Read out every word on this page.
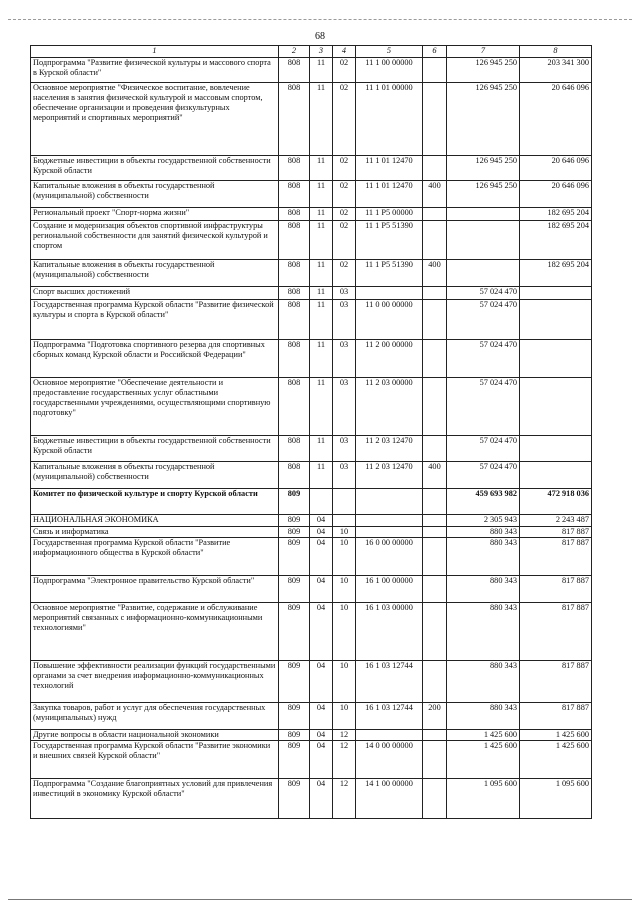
68
1	2	3	4	5	6	7	8
Подпрограмма "Развитие физической культуры и массового спорта в Курской области"	808	11	02	11 1 00 00000		126 945 250	203 341 300
Основное мероприятие "Физическое воспитание, вовлечение населения в занятия физической культурой и массовым спортом, обеспечение организации и проведения физкультурных мероприятий и спортивных мероприятий"	808	11	02	11 1 01 00000		126 945 250	20 646 096
Бюджетные инвестиции в объекты государственной собственности Курской области	808	11	02	11 1 01 12470		126 945 250	20 646 096
Капитальные вложения в объекты государственной (муниципальной) собственности	808	11	02	11 1 01 12470	400	126 945 250	20 646 096
Региональный проект "Спорт-норма жизни"	808	11	02	11 1 P5 00000			182 695 204
Создание и модернизация объектов спортивной инфраструктуры региональной собственности для занятий физической культурой и спортом	808	11	02	11 1 P5 51390			182 695 204
Капитальные вложения в объекты государственной (муниципальной) собственности	808	11	02	11 1 P5 51390	400		182 695 204
Спорт высших достижений	808	11	03			57 024 470	
Государственная программа Курской области "Развитие физической культуры и спорта в Курской области"	808	11	03	11 0 00 00000		57 024 470	
Подпрограмма "Подготовка спортивного резерва для спортивных сборных команд Курской области и Российской Федерации"	808	11	03	11 2 00 00000		57 024 470	
Основное мероприятие "Обеспечение деятельности и предоставление государственных услуг областными государственными учреждениями, осуществляющими спортивную подготовку"	808	11	03	11 2 03 00000		57 024 470	
Бюджетные инвестиции в объекты государственной собственности Курской области	808	11	03	11 2 03 12470		57 024 470	
Капитальные вложения в объекты государственной (муниципальной) собственности	808	11	03	11 2 03 12470	400	57 024 470	
Комитет по физической культуре и спорту Курской области	809					459 693 982	472 918 036
НАЦИОНАЛЬНАЯ ЭКОНОМИКА	809	04				2 305 943	2 243 487
Связь и информатика	809	04	10			880 343	817 887
Государственная программа Курской области "Развитие информационного общества в Курской области"	809	04	10	16 0 00 00000		880 343	817 887
Подпрограмма "Электронное правительство Курской области"	809	04	10	16 1 00 00000		880 343	817 887
Основное мероприятие "Развитие, содержание и обслуживание мероприятий связанных с информационно-коммуникационными технологиями"	809	04	10	16 1 03 00000		880 343	817 887
Повышение эффективности реализации функций государственными органами за счет внедрения информационно-коммуникационных технологий	809	04	10	16 1 03 12744		880 343	817 887
Закупка товаров, работ и услуг для обеспечения государственных (муниципальных) нужд	809	04	10	16 1 03 12744	200	880 343	817 887
Другие вопросы в области национальной экономики	809	04	12			1 425 600	1 425 600
Государственная программа Курской области "Развитие экономики и внешних связей Курской области"	809	04	12	14 0 00 00000		1 425 600	1 425 600
Подпрограмма "Создание благоприятных условий для привлечения инвестиций в экономику Курской области"	809	04	12	14 1 00 00000		1 095 600	1 095 600
